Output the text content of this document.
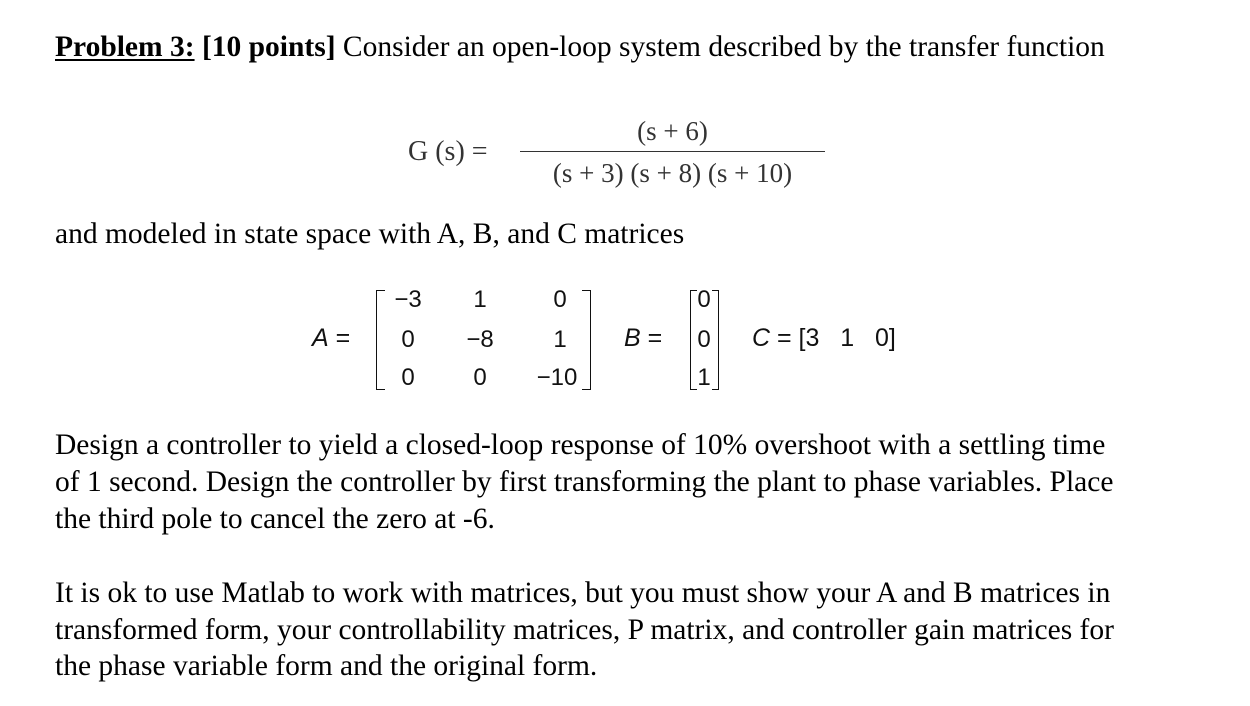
Problem 3: [10 points] Consider an open-loop system described by the transfer function
G (s) =
(s + 6)
(s + 3) (s + 8) (s + 10)
and modeled in state space with A, B, and C matrices
A =
−3	1	0
0	−8	1
0	0	−10
B =
0
0
1
C = [3   1   0]
Design a controller to yield a closed-loop response of 10% overshoot with a settling time
of 1 second. Design the controller by first transforming the plant to phase variables. Place
the third pole to cancel the zero at -6.
It is ok to use Matlab to work with matrices, but you must show your A and B matrices in
transformed form, your controllability matrices, P matrix, and controller gain matrices for
the phase variable form and the original form.
